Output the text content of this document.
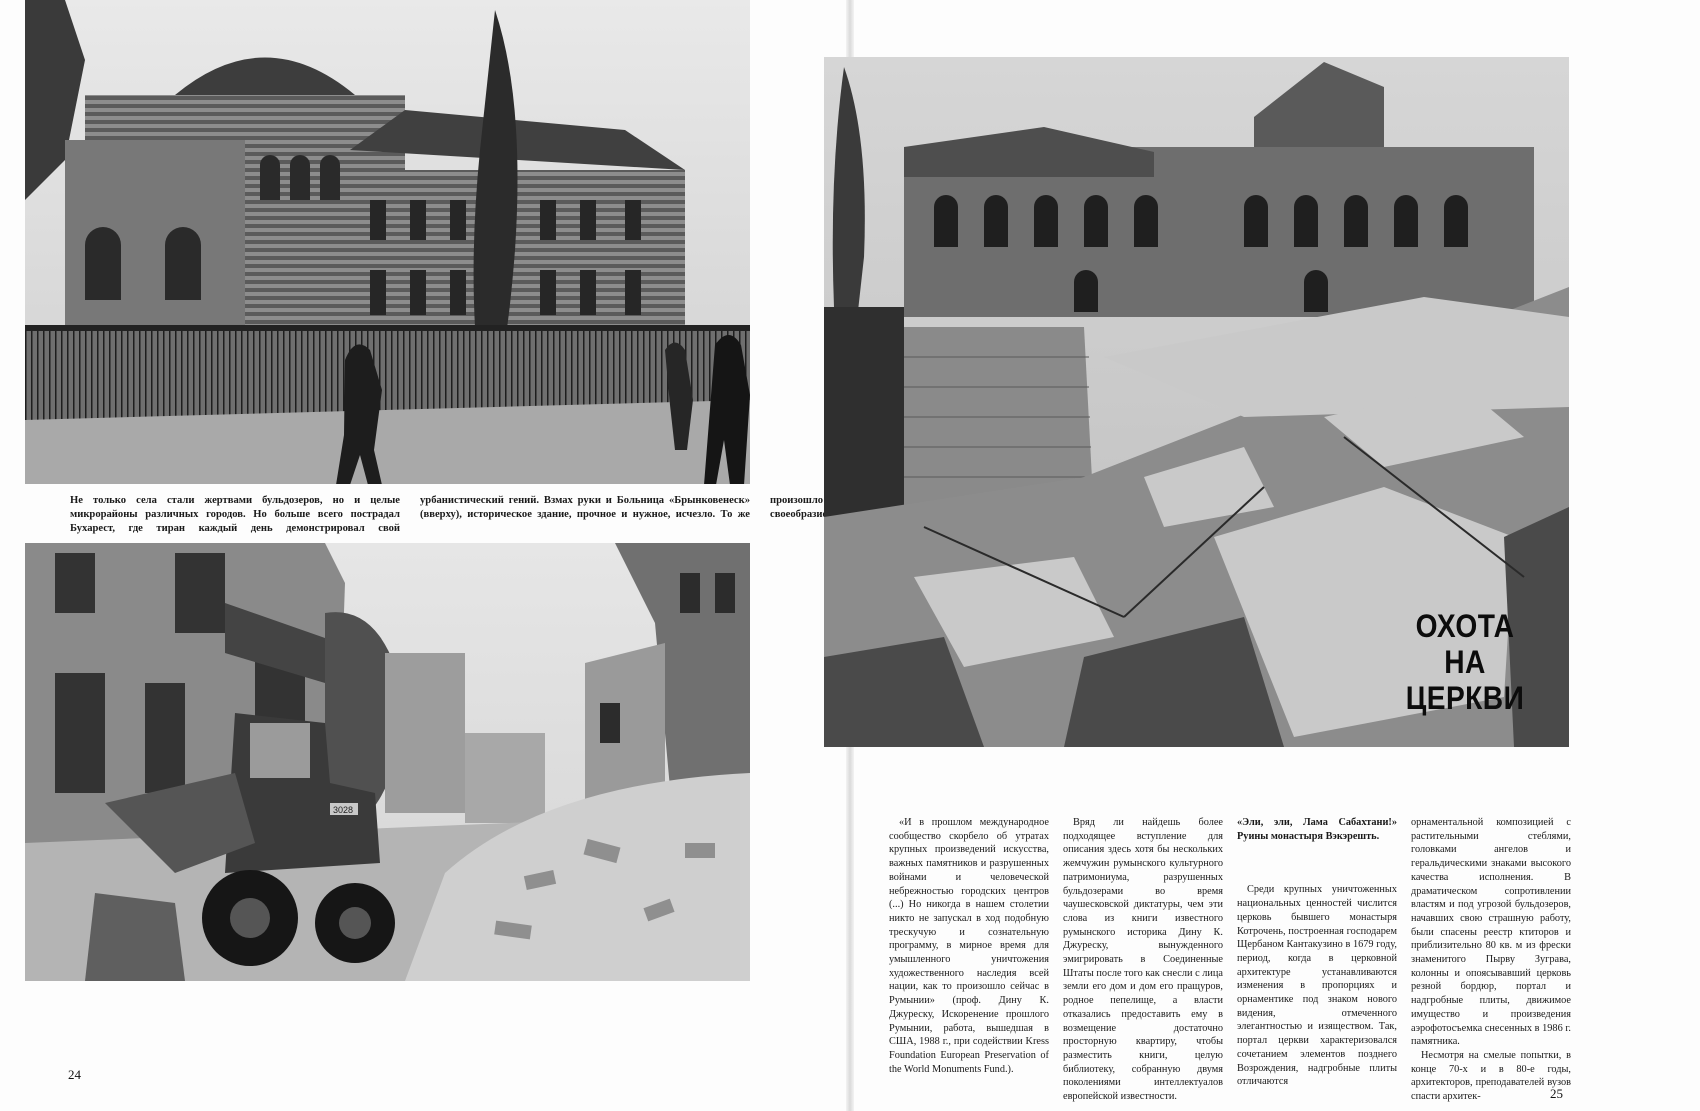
Не только села стали жертвами бульдозеров, но и целые микрорайоны различных городов. Но больше всего пострадал Бухарест, где тиран каждый день демонстрировал свой урбанистический гений. Взмах руки и Больница «Брынковенеск» (вверху), историческое здание, прочное и нужное, исчезло. То же
3028
24
ОХОТА
НА ЦЕРКВИ

«И в прошлом международное сообщество скорбело об утратах крупных произведений искусства, важных памятников и разрушенных войнами и человеческой небрежностью городских центров (...) Но никогда в нашем столетии никто не запускал в ход подобную трескучую и сознательную программу, в мирное время для умышленного уничтожения художественного наследия всей нации, как то произошло сейчас в Румынии» (проф. Дину К. Джуреску, Искоренение прошлого Румынии, работа, вышедшая в США, 1988 г., при содействии Kress Foundation European Preservation of the World Monuments Fund.).

Вряд ли найдешь более подходящее вступление для описания здесь хотя бы нескольких жемчужин румынского культурного патримониума, разрушенных бульдозерами во время чаушесковской диктатуры, чем эти слова из книги известного румынского историка Дину К. Джуреску, вынужденного эмигрировать в Соединенные Штаты после того как снесли с лица земли его дом и дом его пращуров, родное пепелище, а власти отказались предоставить ему в возмещение достаточно просторную квартиру, чтобы разместить книги, целую библиотеку, собранную двумя поколениями интеллектуалов европейской известности.

«Эли, эли, Лама Сабахтани!» Руины монастыря Вэкэрешть.

Среди крупных уничтоженных национальных ценностей числится церковь бывшего монастыря Котрочень, построенная господарем Щербаном Кантакузино в 1679 году, период, когда в церковной архитектуре устанавливаются изменения в пропорциях и орнаментике под знаком нового видения, отмеченного элегантностью и изяществом. Так, портал церкви характеризовался сочетанием элементов позднего Возрождения, надгробные плиты отличаются

орнаментальной композицией с растительными стеблями, головками ангелов и геральдическими знаками высокого качества исполнения. В драматическом сопротивлении властям и под угрозой бульдозеров, начавших свою страшную работу, были спасены реестр ктиторов и приблизительно 80 кв. м из фрески знаменитого Пырву Зуграва, колонны и опоясывавший церковь резной бордюр, портал и надгробные плиты, движимое имущество и произведения аэрофотосъемка снесенных в 1986 г. памятника.

Несмотря на смелые попытки, в конце 70-х и в 80-е годы, архитекторов, преподавателей вузов спасти архитек-	25
